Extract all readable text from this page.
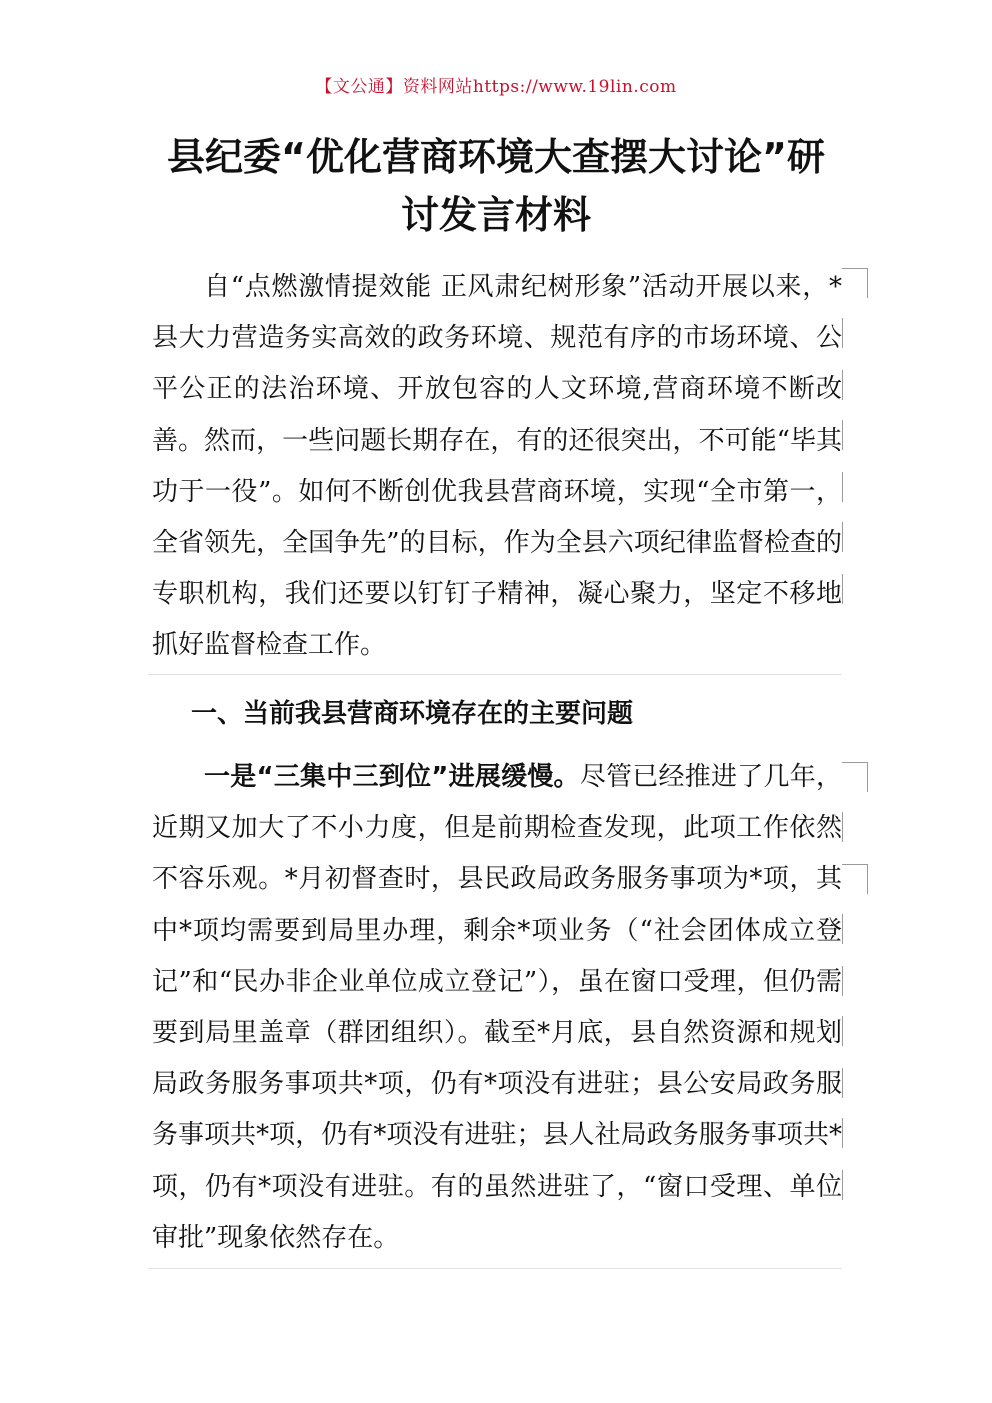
【文公通】资料网站https://www.19lin.com
县纪委“优化营商环境大查摆大讨论”研
讨发言材料

自“点燃激情提效能 正风肃纪树形象”活动开展以来，*县大力营造务实高效的政务环境、规范有序的市场环境、公平公正的法治环境、开放包容的人文环境,营商环境不断改善。然而，一些问题长期存在，有的还很突出，不可能“毕其功于一役”。如何不断创优我县营商环境，实现“全市第一，全省领先，全国争先”的目标，作为全县六项纪律监督检查的专职机构，我们还要以钉钉子精神，凝心聚力，坚定不移地抓好监督检查工作。

一、当前我县营商环境存在的主要问题

一是“三集中三到位”进展缓慢。尽管已经推进了几年，近期又加大了不小力度，但是前期检查发现，此项工作依然不容乐观。*月初督查时，县民政局政务服务事项为*项，其中*项均需要到局里办理，剩余*项业务（“社会团体成立登记”和“民办非企业单位成立登记”），虽在窗口受理，但仍需要到局里盖章（群团组织）。截至*月底，县自然资源和规划局政务服务事项共*项，仍有*项没有进驻；县公安局政务服务事项共*项，仍有*项没有进驻；县人社局政务服务事项共*项，仍有*项没有进驻。有的虽然进驻了，“窗口受理、单位审批”现象依然存在。
